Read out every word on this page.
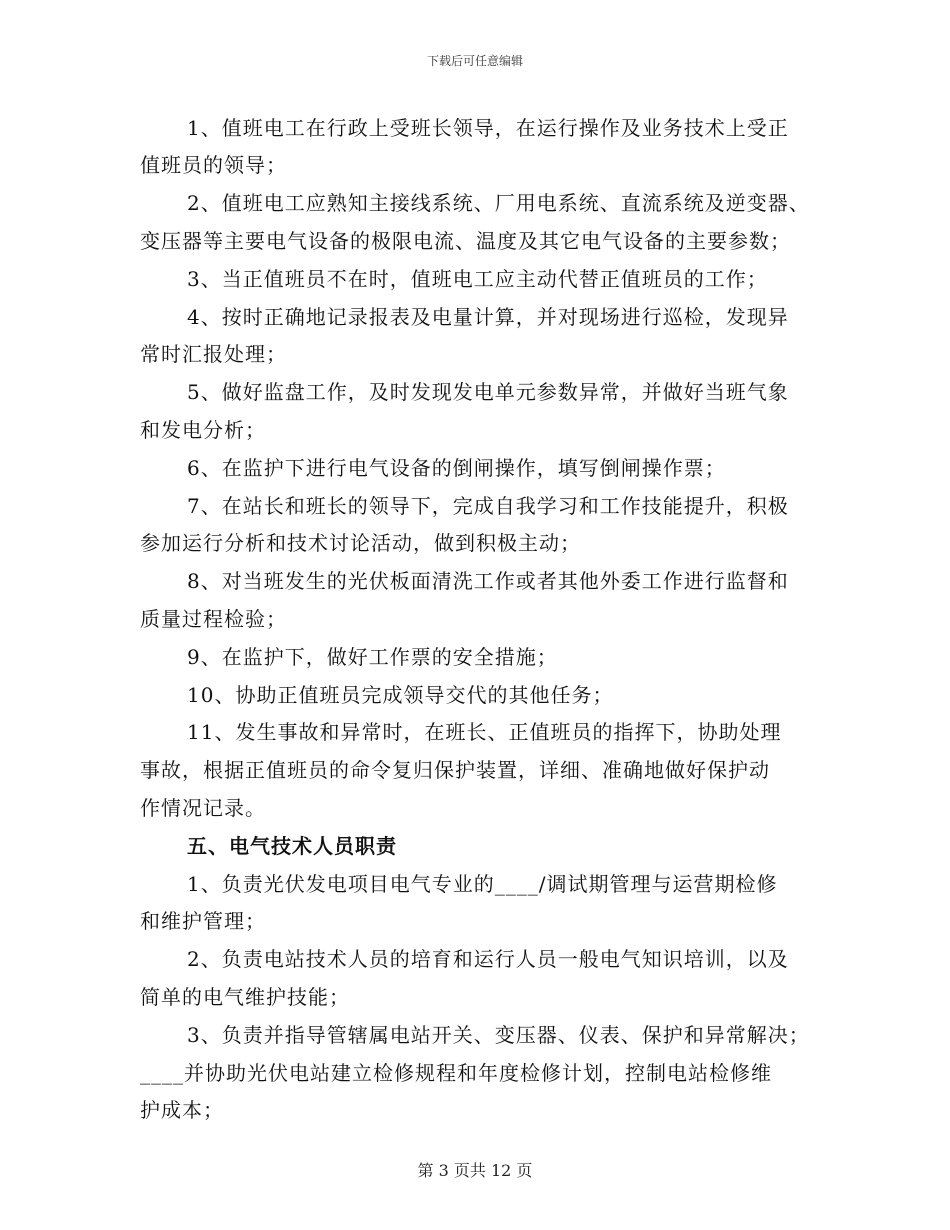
下载后可任意编辑
1、值班电工在行政上受班长领导，在运行操作及业务技术上受正
值班员的领导；
2、值班电工应熟知主接线系统、厂用电系统、直流系统及逆变器、
变压器等主要电气设备的极限电流、温度及其它电气设备的主要参数；
3、当正值班员不在时，值班电工应主动代替正值班员的工作；
4、按时正确地记录报表及电量计算，并对现场进行巡检，发现异
常时汇报处理；
5、做好监盘工作，及时发现发电单元参数异常，并做好当班气象
和发电分析；
6、在监护下进行电气设备的倒闸操作，填写倒闸操作票；
7、在站长和班长的领导下，完成自我学习和工作技能提升，积极
参加运行分析和技术讨论活动，做到积极主动；
8、对当班发生的光伏板面清洗工作或者其他外委工作进行监督和
质量过程检验；
9、在监护下，做好工作票的安全措施；
10、协助正值班员完成领导交代的其他任务；
11、发生事故和异常时，在班长、正值班员的指挥下，协助处理
事故，根据正值班员的命令复归保护装置，详细、准确地做好保护动
作情况记录。
五、电气技术人员职责
1、负责光伏发电项目电气专业的____/调试期管理与运营期检修
和维护管理；
2、负责电站技术人员的培育和运行人员一般电气知识培训，以及
简单的电气维护技能；
3、负责并指导管辖属电站开关、变压器、仪表、保护和异常解决；
____并协助光伏电站建立检修规程和年度检修计划，控制电站检修维
护成本；
第 3 页共 12 页
